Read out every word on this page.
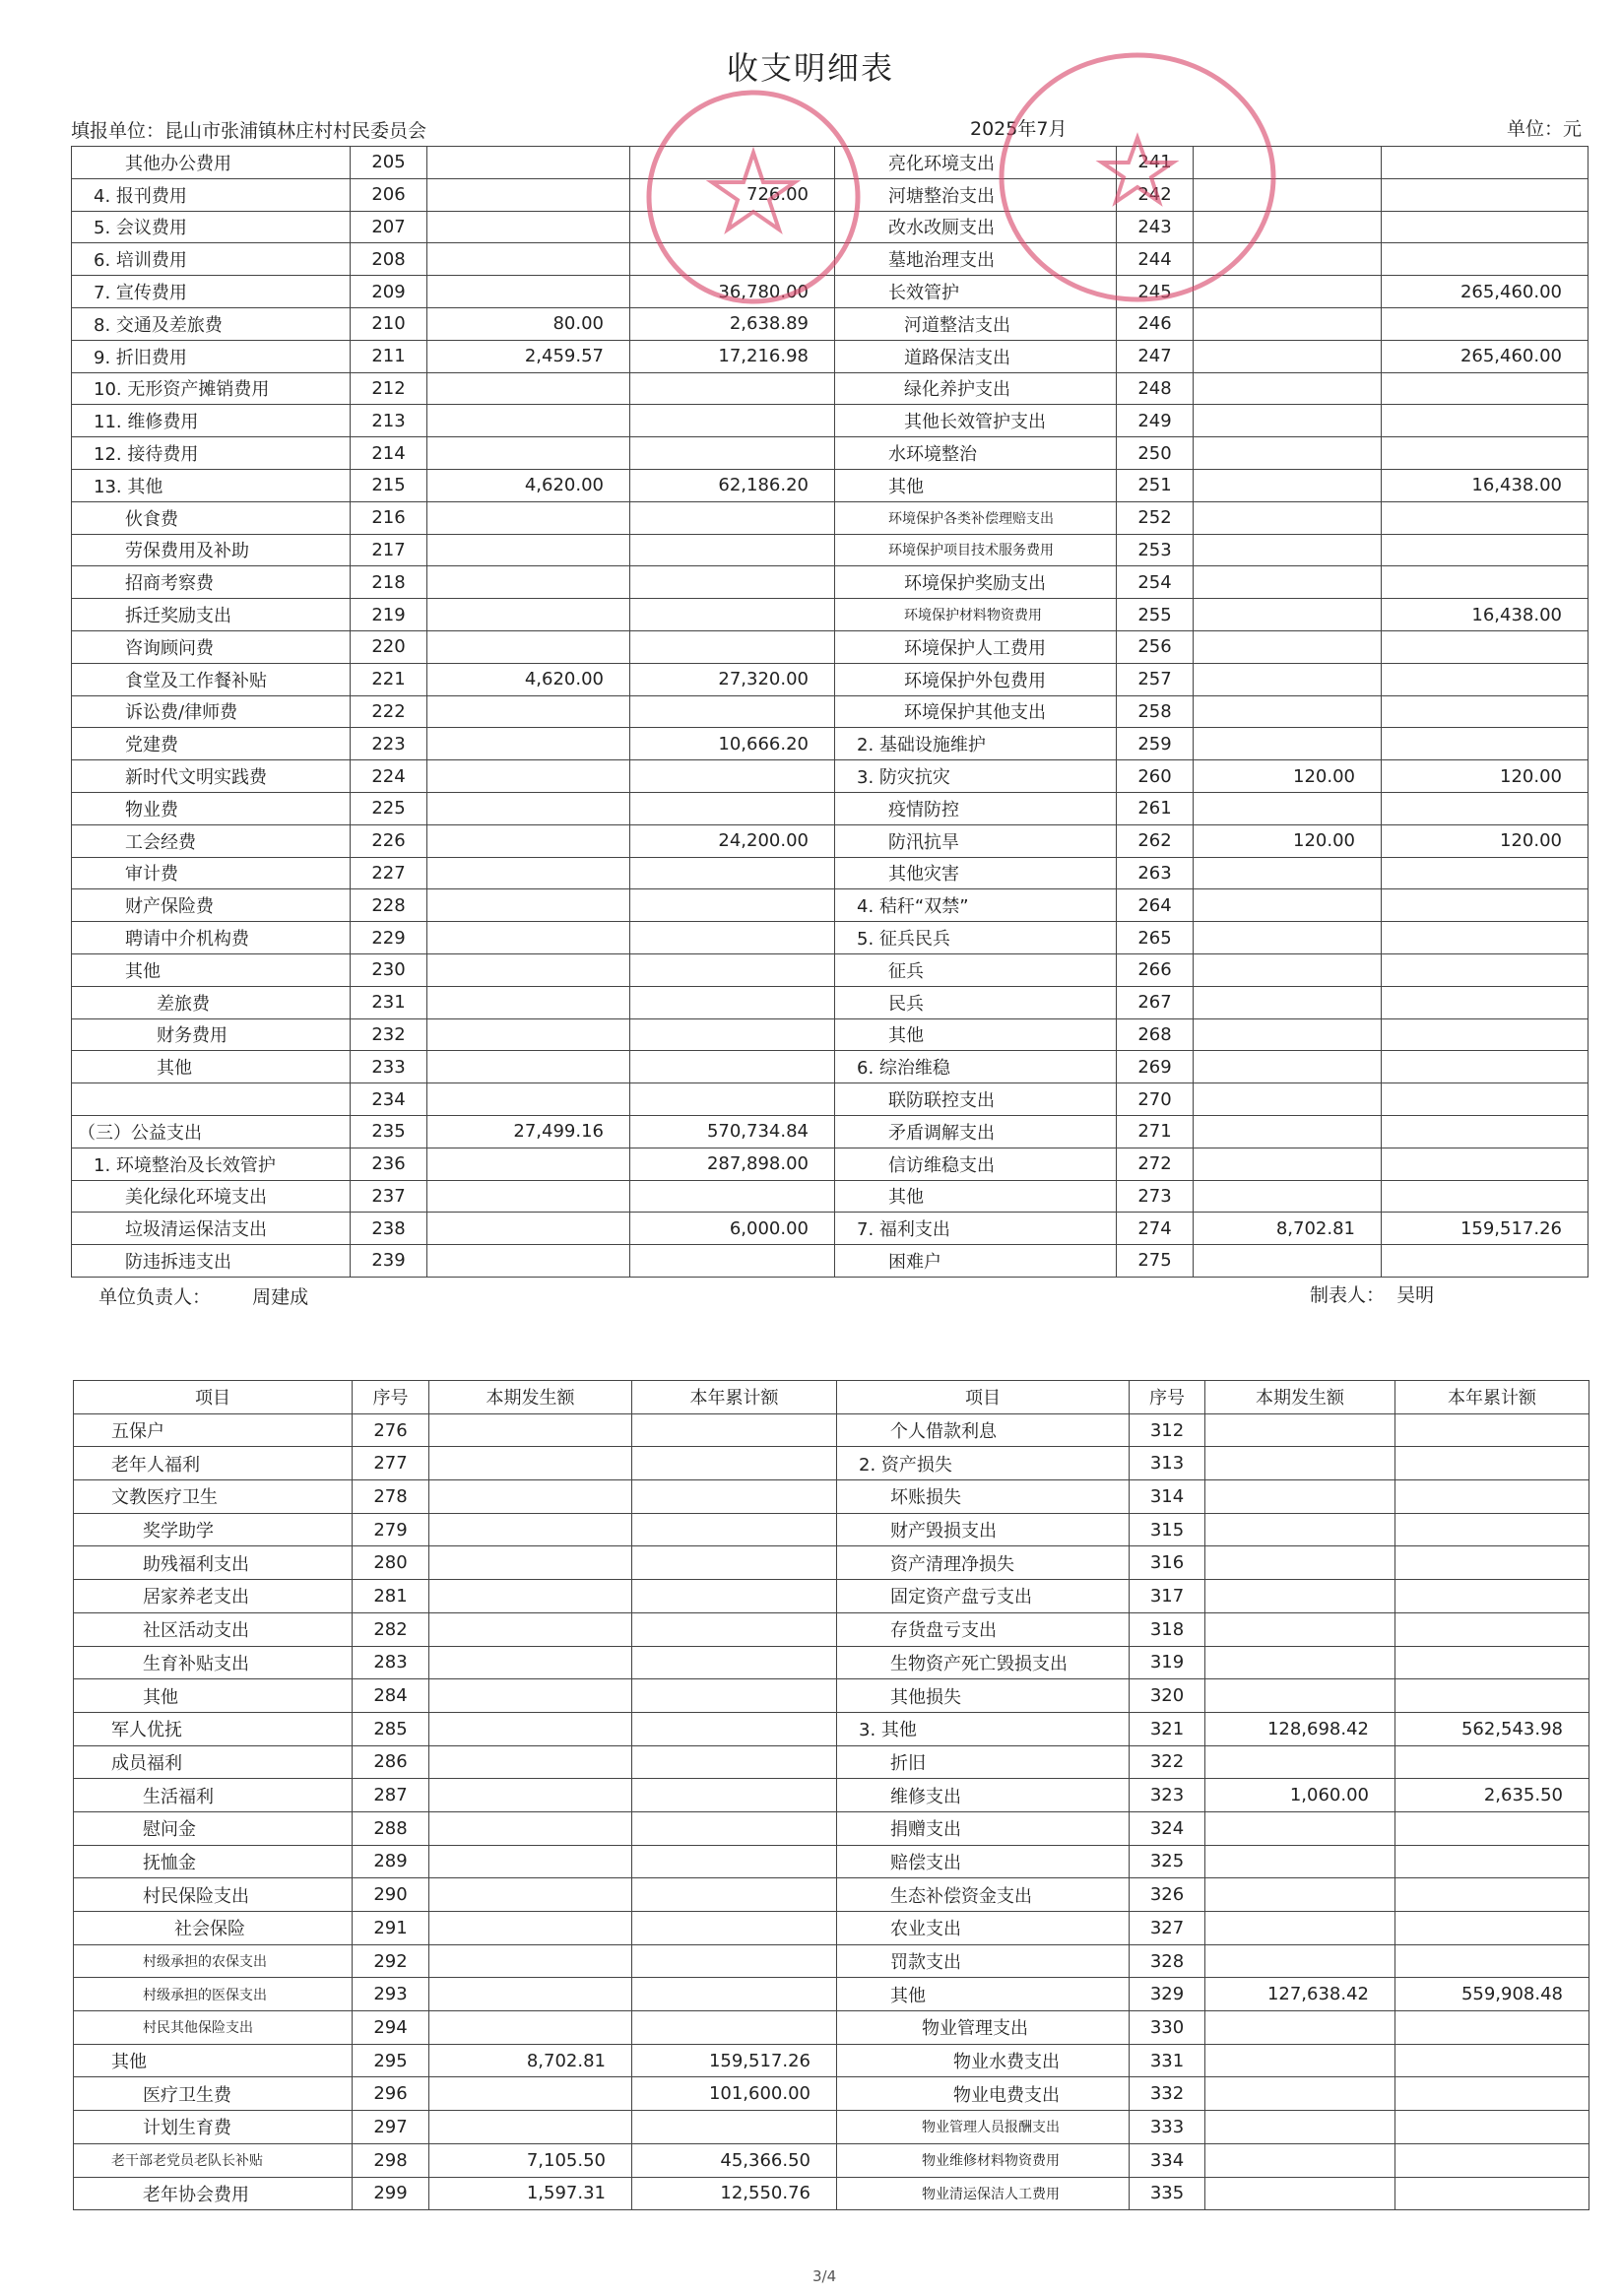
收支明细表
填报单位：昆山市张浦镇林庄村村民委员会	2025年7月	单位：元
其他办公费用	205			亮化环境支出	241		
4. 报刊费用	206		726.00	河塘整治支出	242		
5. 会议费用	207			改水改厕支出	243		
6. 培训费用	208			墓地治理支出	244		
7. 宣传费用	209		36,780.00	长效管护	245		265,460.00
8. 交通及差旅费	210	80.00	2,638.89	河道整洁支出	246		
9. 折旧费用	211	2,459.57	17,216.98	道路保洁支出	247		265,460.00
10. 无形资产摊销费用	212			绿化养护支出	248		
11. 维修费用	213			其他长效管护支出	249		
12. 接待费用	214			水环境整治	250		
13. 其他	215	4,620.00	62,186.20	其他	251		16,438.00
伙食费	216			环境保护各类补偿理赔支出	252		
劳保费用及补助	217			环境保护项目技术服务费用	253		
招商考察费	218			环境保护奖励支出	254		
拆迁奖励支出	219			环境保护材料物资费用	255		16,438.00
咨询顾问费	220			环境保护人工费用	256		
食堂及工作餐补贴	221	4,620.00	27,320.00	环境保护外包费用	257		
诉讼费/律师费	222			环境保护其他支出	258		
党建费	223		10,666.20	2. 基础设施维护	259		
新时代文明实践费	224			3. 防灾抗灾	260	120.00	120.00
物业费	225			疫情防控	261		
工会经费	226		24,200.00	防汛抗旱	262	120.00	120.00
审计费	227			其他灾害	263		
财产保险费	228			4. 秸秆“双禁”	264		
聘请中介机构费	229			5. 征兵民兵	265		
其他	230			征兵	266		
差旅费	231			民兵	267		
财务费用	232			其他	268		
其他	233			6. 综治维稳	269		
	234			联防联控支出	270		
（三）公益支出	235	27,499.16	570,734.84	矛盾调解支出	271		
1. 环境整治及长效管护	236		287,898.00	信访维稳支出	272		
美化绿化环境支出	237			其他	273		
垃圾清运保洁支出	238		6,000.00	7. 福利支出	274	8,702.81	159,517.26
防违拆违支出	239			困难户	275		
单位负责人： 周建成	制表人： 吴明
项目	序号	本期发生额	本年累计额	项目	序号	本期发生额	本年累计额
五保户	276			个人借款利息	312		
老年人福利	277			2. 资产损失	313		
文教医疗卫生	278			坏账损失	314		
奖学助学	279			财产毁损支出	315		
助残福利支出	280			资产清理净损失	316		
居家养老支出	281			固定资产盘亏支出	317		
社区活动支出	282			存货盘亏支出	318		
生育补贴支出	283			生物资产死亡毁损支出	319		
其他	284			其他损失	320		
军人优抚	285			3. 其他	321	128,698.42	562,543.98
成员福利	286			折旧	322		
生活福利	287			维修支出	323	1,060.00	2,635.50
慰问金	288			捐赠支出	324		
抚恤金	289			赔偿支出	325		
村民保险支出	290			生态补偿资金支出	326		
社会保险	291			农业支出	327		
村级承担的农保支出	292			罚款支出	328		
村级承担的医保支出	293			其他	329	127,638.42	559,908.48
村民其他保险支出	294			物业管理支出	330		
其他	295	8,702.81	159,517.26	物业水费支出	331		
医疗卫生费	296		101,600.00	物业电费支出	332		
计划生育费	297			物业管理人员报酬支出	333		
老干部老党员老队长补贴	298	7,105.50	45,366.50	物业维修材料物资费用	334		
老年协会费用	299	1,597.31	12,550.76	物业清运保洁人工费用	335		
3/4
